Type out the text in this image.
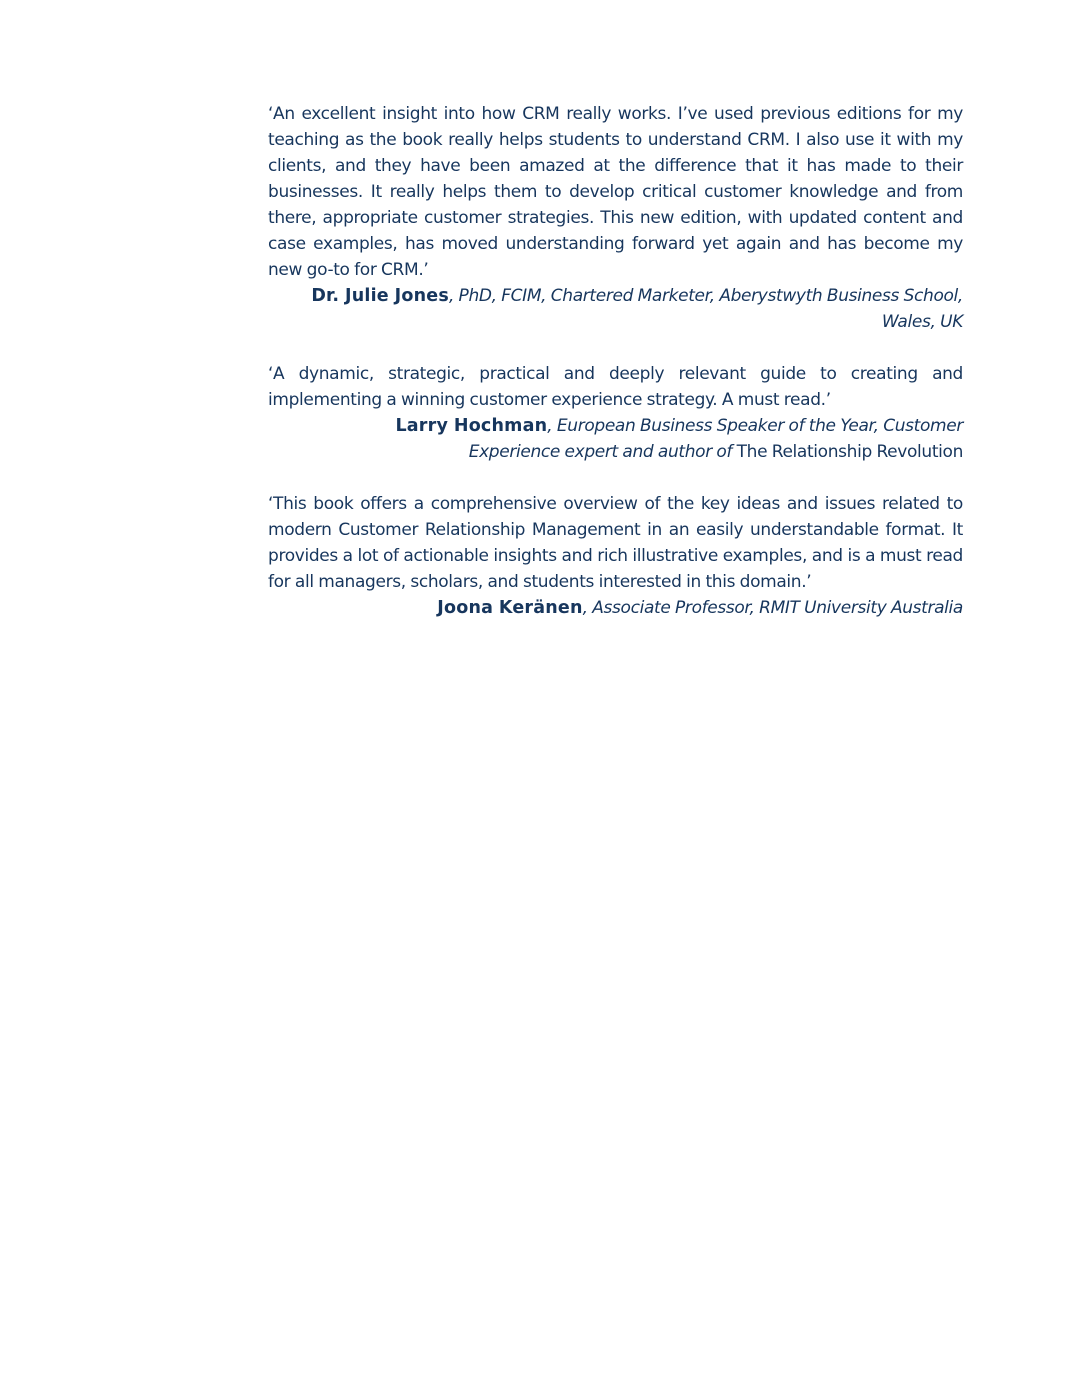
‘An excellent insight into how CRM really works. I’ve used previous editions for my teaching as the book really helps students to understand CRM. I also use it with my clients, and they have been amazed at the difference that it has made to their businesses. It really helps them to develop critical customer knowledge and from there, appropriate customer strategies. This new edition, with updated content and case examples, has moved understanding forward yet again and has become my new go-to for CRM.’

Dr. Julie Jones, PhD, FCIM, Chartered Marketer, Aberystwyth Business School, Wales, UK

‘A dynamic, strategic, practical and deeply relevant guide to creating and implementing a winning customer experience strategy. A must read.’

Larry Hochman, European Business Speaker of the Year, Customer Experience expert and author of The Relationship Revolution

‘This book offers a comprehensive overview of the key ideas and issues related to modern Customer Relationship Management in an easily understandable format. It provides a lot of actionable insights and rich illustrative examples, and is a must read for all managers, scholars, and students interested in this domain.’

Joona Keränen, Associate Professor, RMIT University Australia
